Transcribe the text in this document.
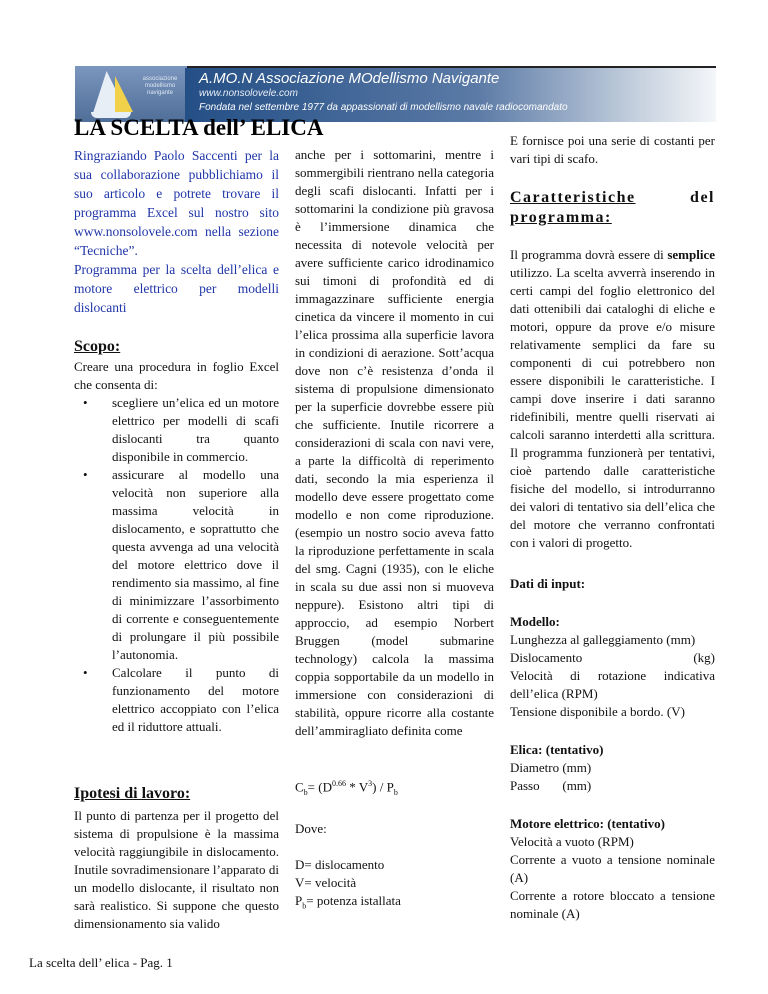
associazione modellismo navigante
A.MO.N Associazione MOdellismo Navigante
www.nonsolovele.com
Fondata nel settembre 1977 da appassionati di modellismo navale radiocomandato
LA SCELTA dell’ ELICA

Ringraziando Paolo Saccenti per la sua collaborazione pubblichiamo il suo articolo e potrete trovare il programma Excel sul nostro sito www.nonsolovele.com nella sezione “Tecniche”.

Programma per la scelta dell’elica e motore elettrico per modelli dislocanti

Scopo:

Creare una procedura in foglio Excel che consenta di:

• scegliere un’elica ed un motore elettrico per modelli di scafi dislocanti tra quanto disponibile in commercio.
• assicurare al modello una velocità non superiore alla massima velocità in dislocamento, e soprattutto che questa avvenga ad una velocità del motore elettrico dove il rendimento sia massimo, al fine di minimizzare l’assorbimento di corrente e conseguentemente di prolungare il più possibile l’autonomia.
• Calcolare il punto di funzionamento del motore elettrico accoppiato con l’elica ed il riduttore attuali.

Ipotesi di lavoro:

Il punto di partenza per il progetto del sistema di propulsione è la massima velocità raggiungibile in dislocamento. Inutile sovradimensionare l’apparato di un modello dislocante, il risultato non sarà realistico. Si suppone che questo dimensionamento sia valido

anche per i sottomarini, mentre i sommergibili rientrano nella categoria degli scafi dislocanti. Infatti per i sottomarini la condizione più gravosa è l’immersione dinamica che necessita di notevole velocità per avere sufficiente carico idrodinamico sui timoni di profondità ed di immagazzinare sufficiente energia cinetica da vincere il momento in cui l’elica prossima alla superficie lavora in condizioni di aerazione. Sott’acqua dove non c’è resistenza d’onda il sistema di propulsione dimensionato per la superficie dovrebbe essere più che sufficiente. Inutile ricorrere a considerazioni di scala con navi vere, a parte la difficoltà di reperimento dati, secondo la mia esperienza il modello deve essere progettato come modello e non come riproduzione. (esempio un nostro socio aveva fatto la riproduzione perfettamente in scala del smg. Cagni (1935), con le eliche in scala su due assi non si muoveva neppure). Esistono altri tipi di approccio, ad esempio Norbert Bruggen (model submarine technology) calcola la massima coppia sopportabile da un modello in immersione con considerazioni di stabilità, oppure ricorre alla costante dell’ammiragliato definita come

$C_b= (D^{0.66} * V^3) / P_b$

Dove:

D= dislocamento

V= velocità

$P_b=$ potenza istallata

E fornisce poi una serie di costanti per vari tipi di scafo.

Caratteristiche	del

programma:

Il programma dovrà essere di semplice utilizzo. La scelta avverrà inserendo in certi campi del foglio elettronico del dati ottenibili dai cataloghi di eliche e motori, oppure da prove e/o misure relativamente semplici da fare su componenti di cui potrebbero non essere disponibili le caratteristiche. I campi dove inserire i dati saranno ridefinibili, mentre quelli riservati ai calcoli saranno interdetti alla scrittura. Il programma funzionerà per tentativi, cioè partendo dalle caratteristiche fisiche del modello, si introdurranno dei valori di tentativo sia dell’elica che del motore che verranno confrontati con i valori di progetto.

Dati di input:

Modello:

Lunghezza al galleggiamento (mm)

Dislocamento	(kg)

Velocità di rotazione indicativa dell’elica (RPM)

Tensione disponibile a bordo. (V)

Elica: (tentativo)

Diametro (mm)

Passo       (mm)

Motore elettrico: (tentativo)

Velocità a vuoto (RPM)

Corrente a vuoto a tensione nominale (A)

Corrente a rotore bloccato a tensione nominale (A)

La scelta dell’ elica - Pag. 1
